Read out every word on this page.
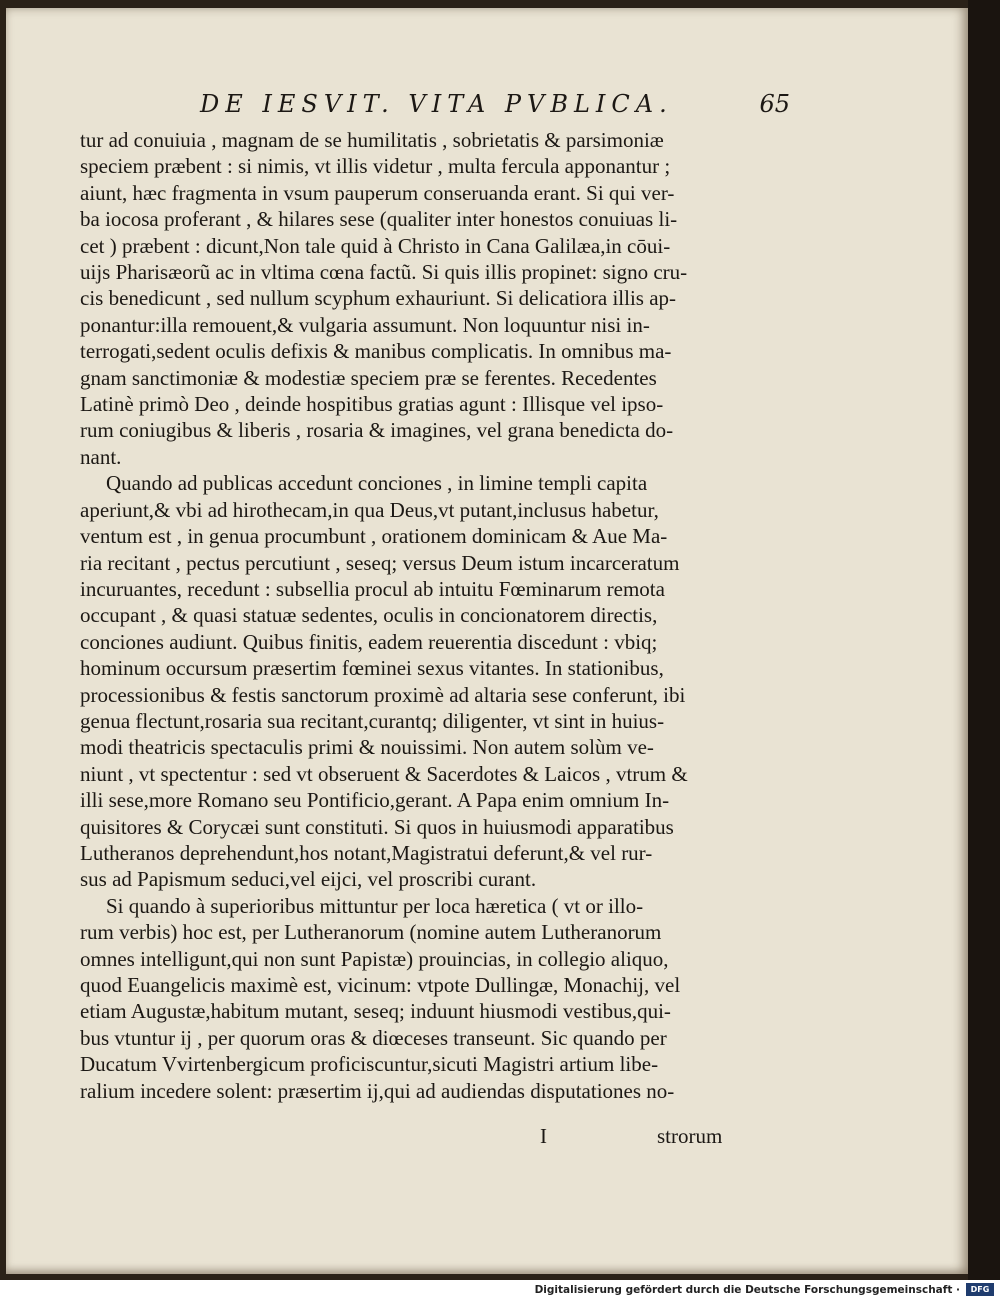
DE IESVIT. VITA PVBLICA.	65
tur ad conuiuia , magnam de se humilitatis , sobrietatis & parsimoniæ
speciem præbent : si nimis, vt illis videtur , multa fercula apponantur ;
aiunt, hæc fragmenta in vsum pauperum conseruanda erant. Si qui ver-
ba iocosa proferant , & hilares sese (qualiter inter honestos conuiuas li-
cet ) præbent : dicunt,Non tale quid à Christo in Cana Galilæa,in cōui-
uijs Pharisæorũ ac in vltima cœna factũ. Si quis illis propinet: signo cru-
cis benedicunt , sed nullum scyphum exhauriunt. Si delicatiora illis ap-
ponantur:illa remouent,& vulgaria assumunt. Non loquuntur nisi in-
terrogati,sedent oculis defixis & manibus complicatis. In omnibus ma-
gnam sanctimoniæ & modestiæ speciem præ se ferentes. Recedentes
Latinè primò Deo , deinde hospitibus gratias agunt : Illisque vel ipso-
rum coniugibus & liberis , rosaria & imagines, vel grana benedicta do-
nant.
Quando ad publicas accedunt conciones , in limine templi capita
aperiunt,& vbi ad hirothecam,in qua Deus,vt putant,inclusus habetur,
ventum est , in genua procumbunt , orationem dominicam & Aue Ma-
ria recitant , pectus percutiunt , seseq; versus Deum istum incarceratum
incuruantes, recedunt : subsellia procul ab intuitu Fœminarum remota
occupant , & quasi statuæ sedentes, oculis in concionatorem directis,
conciones audiunt. Quibus finitis, eadem reuerentia discedunt : vbiq;
hominum occursum præsertim fœminei sexus vitantes. In stationibus,
processionibus & festis sanctorum proximè ad altaria sese conferunt, ibi
genua flectunt,rosaria sua recitant,curantq; diligenter, vt sint in huius-
modi theatricis spectaculis primi & nouissimi. Non autem solùm ve-
niunt , vt spectentur : sed vt obseruent & Sacerdotes & Laicos , vtrum &
illi sese,more Romano seu Pontificio,gerant. A Papa enim omnium In-
quisitores & Corycæi sunt constituti. Si quos in huiusmodi apparatibus
Lutheranos deprehendunt,hos notant,Magistratui deferunt,& vel rur-
sus ad Papismum seduci,vel eijci, vel proscribi curant.
Si quando à superioribus mittuntur per loca hæretica ( vt or illo-
rum verbis) hoc est, per Lutheranorum (nomine autem Lutheranorum
omnes intelligunt,qui non sunt Papistæ) prouincias, in collegio aliquo,
quod Euangelicis maximè est, vicinum: vtpote Dullingæ, Monachij, vel
etiam Augustæ,habitum mutant, seseq; induunt hiusmodi vestibus,qui-
bus vtuntur ij , per quorum oras & diœceses transeunt. Sic quando per
Ducatum Vvirtenbergicum proficiscuntur,sicuti Magistri artium libe-
ralium incedere solent: præsertim ij,qui ad audiendas disputationes no-
I	strorum
Digitalisierung gefördert durch die Deutsche Forschungsgemeinschaft ·	DFG
